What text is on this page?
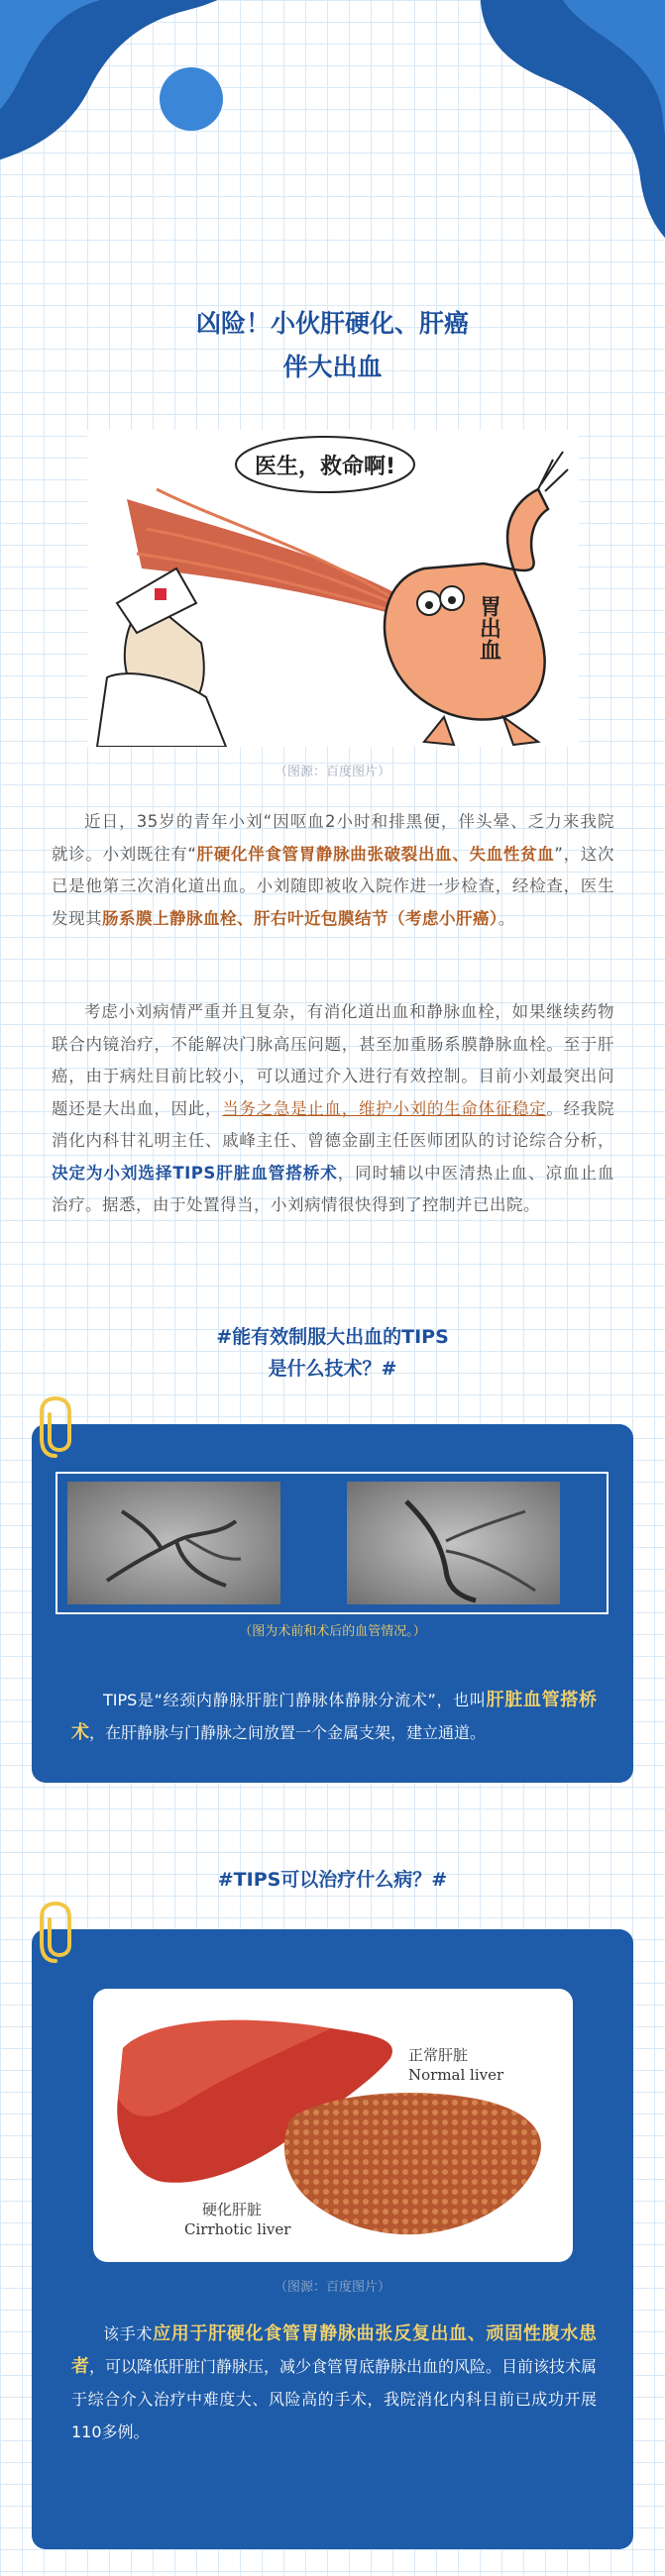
凶险！小伙肝硬化、肝癌
伴大出血
医生，救命啊!
胃出血
（图源：百度图片）
近日，35岁的青年小刘“因呕血2小时和排黑便，伴头晕、乏力来我院就诊。小刘既往有“肝硬化伴食管胃静脉曲张破裂出血、失血性贫血”，这次已是他第三次消化道出血。小刘随即被收入院作进一步检查，经检查，医生发现其肠系膜上静脉血栓、肝右叶近包膜结节（考虑小肝癌）。
考虑小刘病情严重并且复杂，有消化道出血和静脉血栓，如果继续药物联合内镜治疗，不能解决门脉高压问题，甚至加重肠系膜静脉血栓。至于肝癌，由于病灶目前比较小，可以通过介入进行有效控制。目前小刘最突出问题还是大出血，因此，当务之急是止血，维护小刘的生命体征稳定。经我院消化内科甘礼明主任、戚峰主任、曾德金副主任医师团队的讨论综合分析，决定为小刘选择TIPS肝脏血管搭桥术，同时辅以中医清热止血、凉血止血治疗。据悉，由于处置得当，小刘病情很快得到了控制并已出院。
#能有效制服大出血的TIPS
是什么技术？#
（图为术前和术后的血管情况。）
TIPS是“经颈内静脉肝脏门静脉体静脉分流术”，也叫肝脏血管搭桥术，在肝静脉与门静脉之间放置一个金属支架，建立通道。
#TIPS可以治疗什么病？#
正常肝脏
Normal liver
硬化肝脏
Cirrhotic liver
（图源：百度图片）
该手术应用于肝硬化食管胃静脉曲张反复出血、顽固性腹水患者，可以降低肝脏门静脉压，减少食管胃底静脉出血的风险。目前该技术属于综合介入治疗中难度大、风险高的手术，我院消化内科目前已成功开展110多例。
